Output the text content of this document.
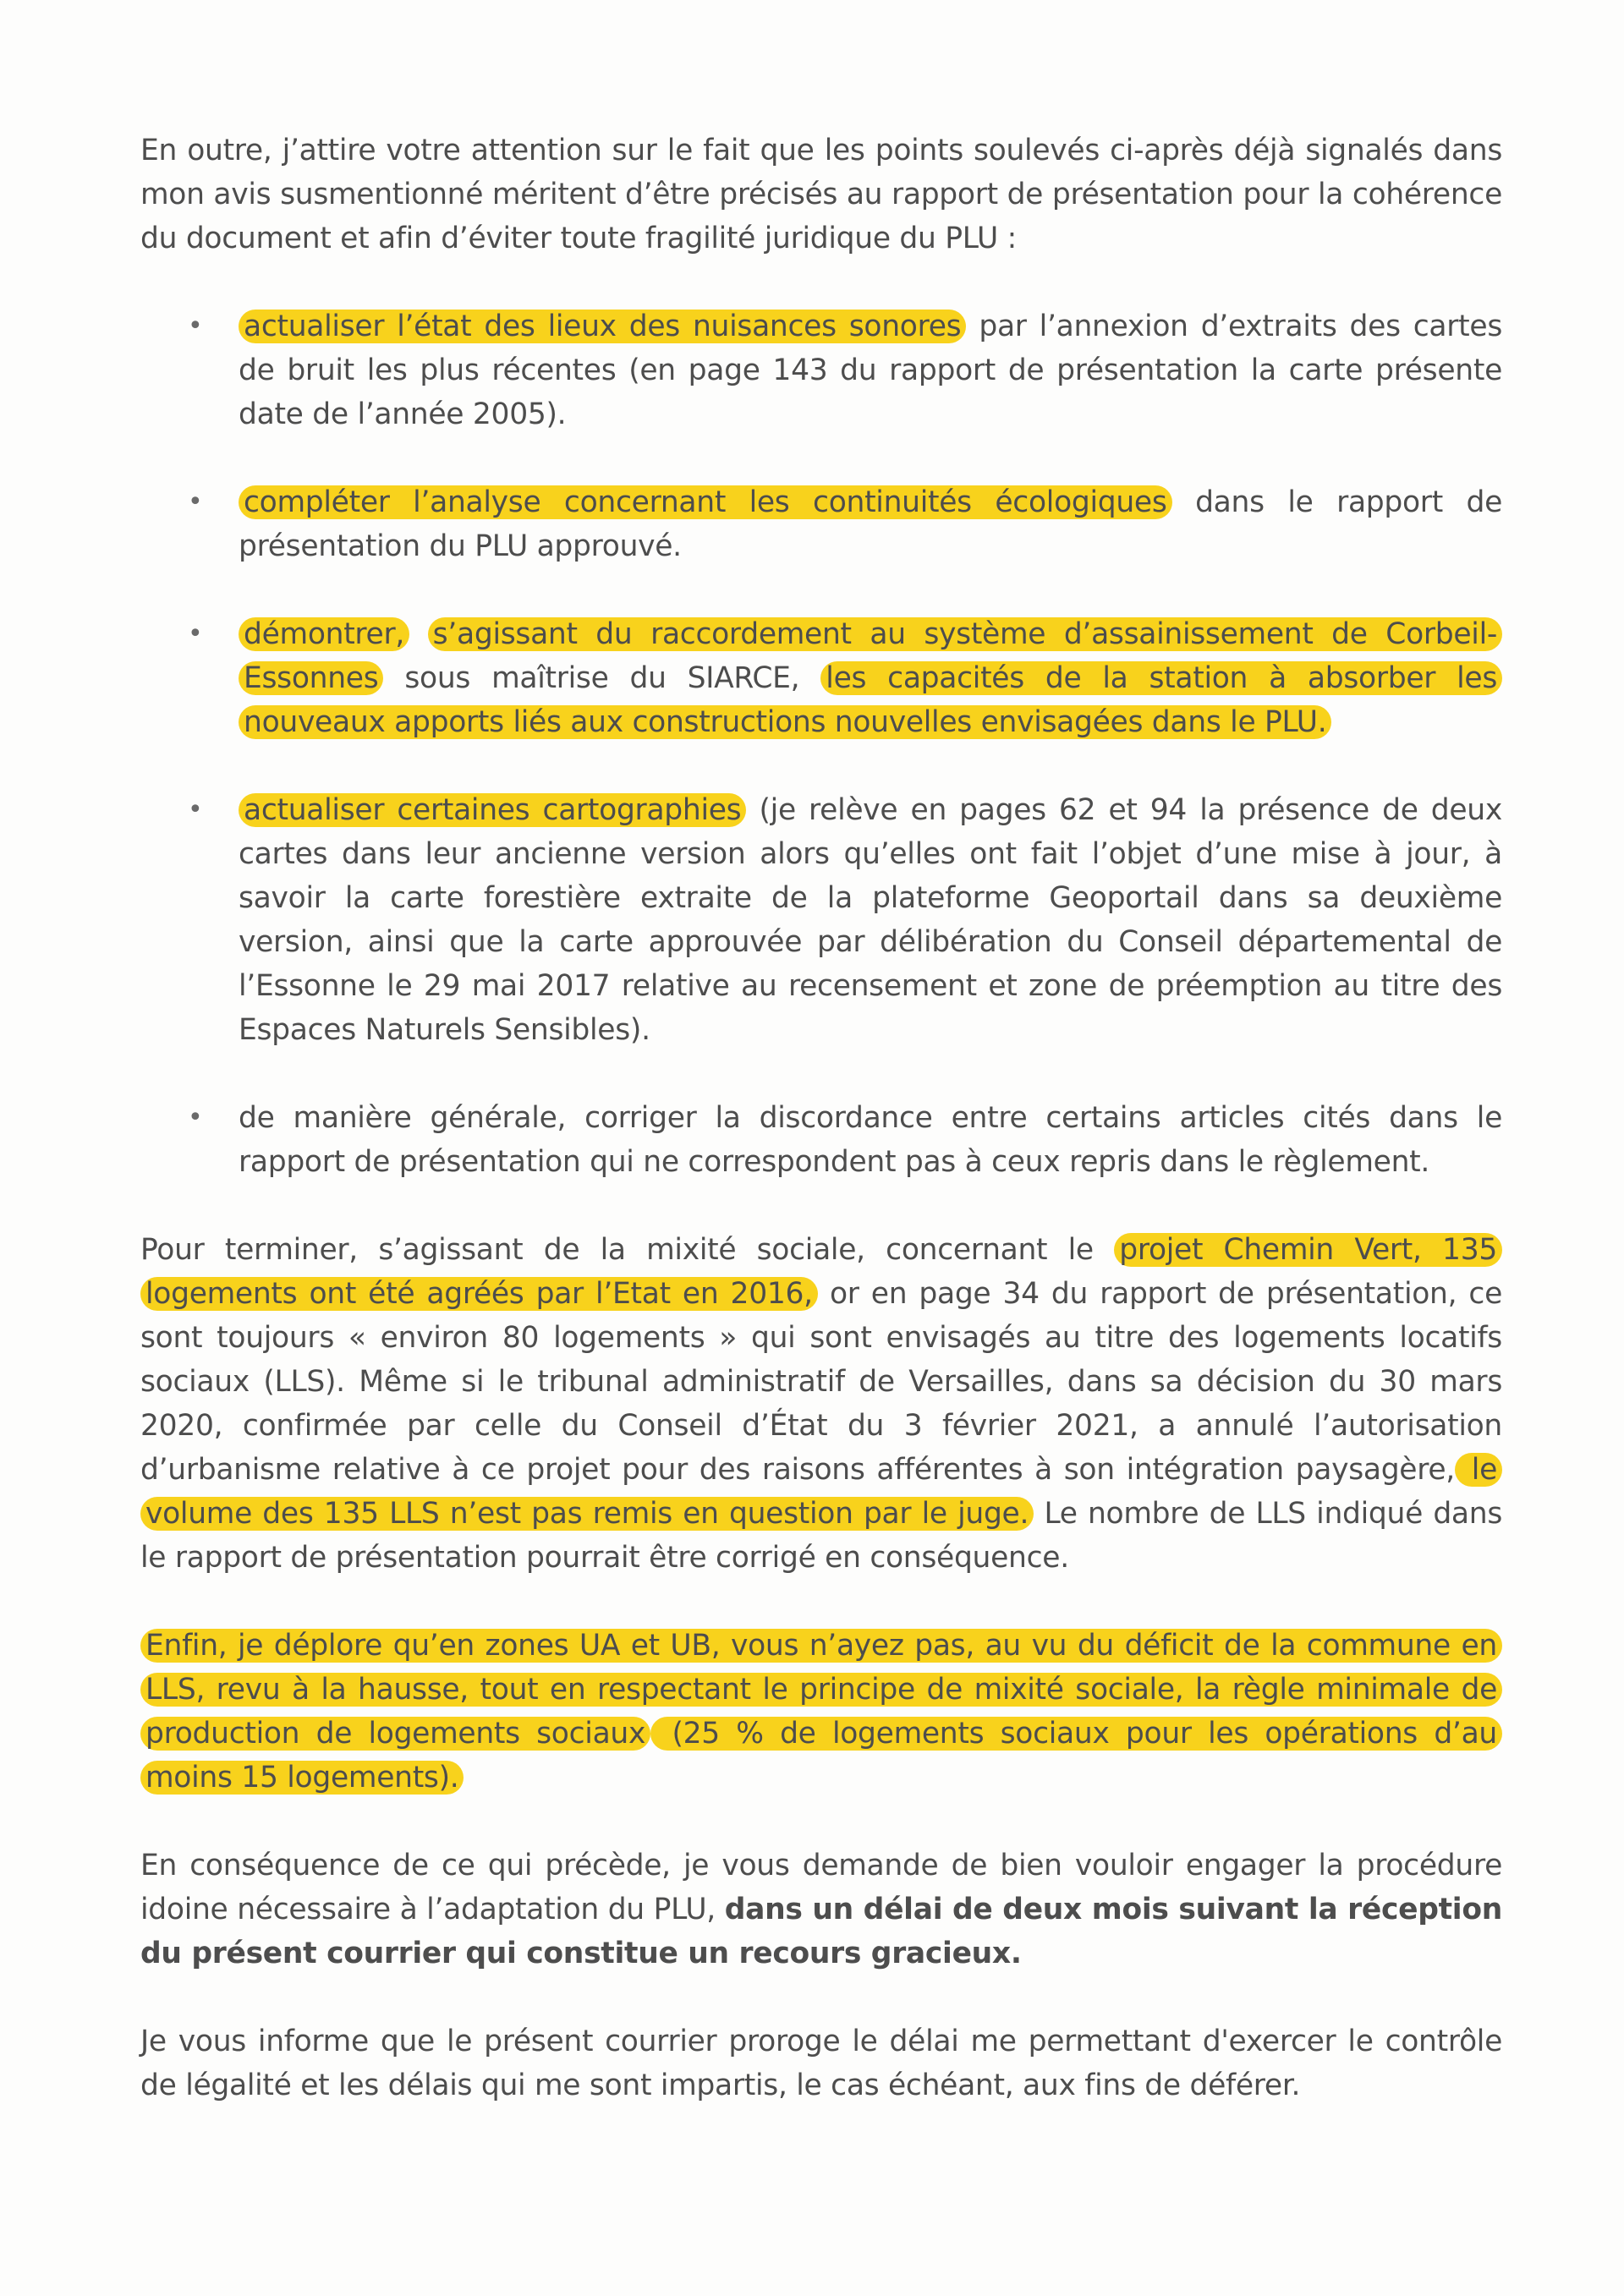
En outre, j’attire votre attention sur le fait que les points soulevés ci-après déjà signalés dans mon avis susmentionné méritent d’être précisés au rapport de présentation pour la cohérence du document et afin d’éviter toute fragilité juridique du PLU :

• actualiser l’état des lieux des nuisances sonores par l’annexion d’extraits des cartes de bruit les plus récentes (en page 143 du rapport de présentation la carte présente date de l’année 2005).
• compléter l’analyse concernant les continuités écologiques dans le rapport de présentation du PLU approuvé.
• démontrer, s’agissant du raccordement au système d’assainissement de Corbeil-Essonnes sous maîtrise du SIARCE, les capacités de la station à absorber les nouveaux apports liés aux constructions nouvelles envisagées dans le PLU.
• actualiser certaines cartographies (je relève en pages 62 et 94 la présence de deux cartes dans leur ancienne version alors qu’elles ont fait l’objet d’une mise à jour, à savoir la carte forestière extraite de la plateforme Geoportail dans sa deuxième version, ainsi que la carte approuvée par délibération du Conseil départemental de l’Essonne le 29 mai 2017 relative au recensement et zone de préemption au titre des Espaces Naturels Sensibles).
• de manière générale, corriger la discordance entre certains articles cités dans le rapport de présentation qui ne correspondent pas à ceux repris dans le règlement.

Pour terminer, s’agissant de la mixité sociale, concernant le projet Chemin Vert, 135 logements ont été agréés par l’Etat en 2016, or en page 34 du rapport de présentation, ce sont toujours « environ 80 logements » qui sont envisagés au titre des logements locatifs sociaux (LLS). Même si le tribunal administratif de Versailles, dans sa décision du 30 mars 2020, confirmée par celle du Conseil d’État du 3 février 2021, a annulé l’autorisation d’urbanisme relative à ce projet pour des raisons afférentes à son intégration paysagère, le volume des 135 LLS n’est pas remis en question par le juge. Le nombre de LLS indiqué dans le rapport de présentation pourrait être corrigé en conséquence.

Enfin, je déplore qu’en zones UA et UB, vous n’ayez pas, au vu du déficit de la commune en LLS, revu à la hausse, tout en respectant le principe de mixité sociale, la règle minimale de production de logements sociaux (25 % de logements sociaux pour les opérations d’au moins 15 logements).

En conséquence de ce qui précède, je vous demande de bien vouloir engager la procédure idoine nécessaire à l’adaptation du PLU, dans un délai de deux mois suivant la réception du présent courrier qui constitue un recours gracieux.

Je vous informe que le présent courrier proroge le délai me permettant d'exercer le contrôle de légalité et les délais qui me sont impartis, le cas échéant, aux fins de déférer.
